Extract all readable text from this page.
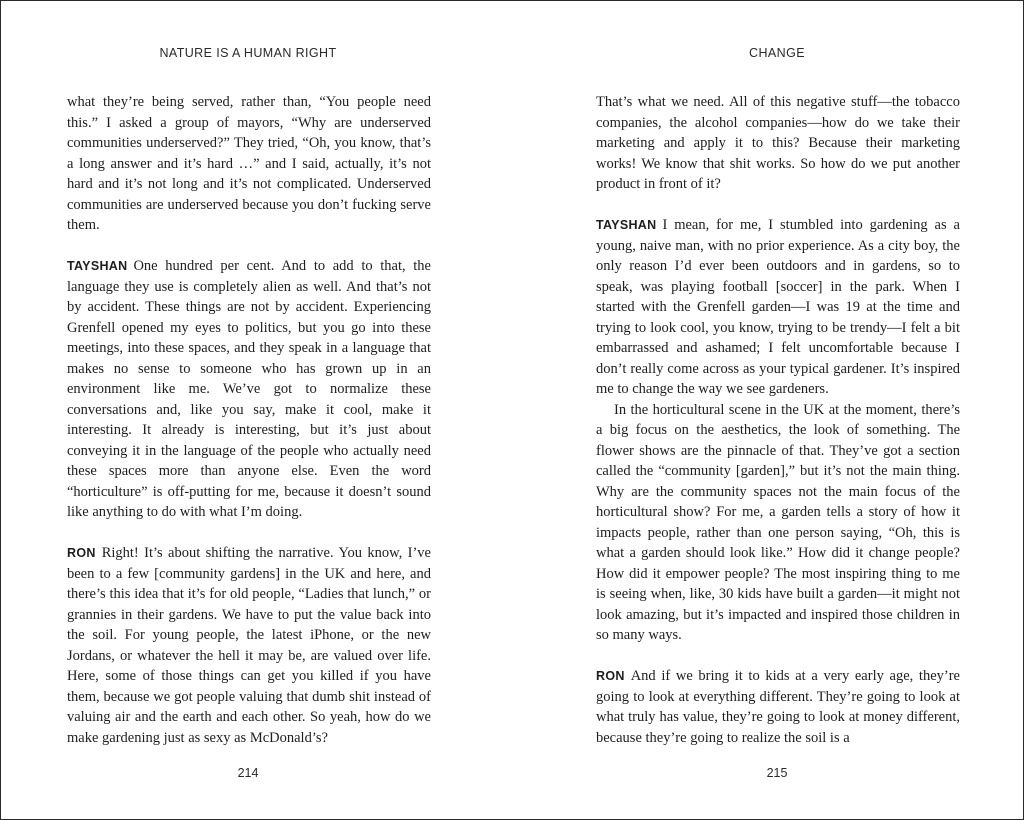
NATURE IS A HUMAN RIGHT

what they’re being served, rather than, “You people need this.” I asked a group of mayors, “Why are underserved communities underserved?” They tried, “Oh, you know, that’s a long answer and it’s hard …” and I said, actually, it’s not hard and it’s not long and it’s not complicated. Underserved communities are underserved because you don’t fucking serve them.

TAYSHAN One hundred per cent. And to add to that, the language they use is completely alien as well. And that’s not by accident. These things are not by accident. Experiencing Grenfell opened my eyes to politics, but you go into these meetings, into these spaces, and they speak in a language that makes no sense to someone who has grown up in an environment like me. We’ve got to normalize these conversations and, like you say, make it cool, make it interesting. It already is interesting, but it’s just about conveying it in the language of the people who actually need these spaces more than anyone else. Even the word “horticulture” is off-putting for me, because it doesn’t sound like anything to do with what I’m doing.

RON Right! It’s about shifting the narrative. You know, I’ve been to a few [community gardens] in the UK and here, and there’s this idea that it’s for old people, “Ladies that lunch,” or grannies in their gardens. We have to put the value back into the soil. For young people, the latest iPhone, or the new Jordans, or whatever the hell it may be, are valued over life. Here, some of those things can get you killed if you have them, because we got people valuing that dumb shit instead of valuing air and the earth and each other. So yeah, how do we make gardening just as sexy as McDonald’s?

214
CHANGE

That’s what we need. All of this negative stuff—the tobacco companies, the alcohol companies—how do we take their marketing and apply it to this? Because their marketing works! We know that shit works. So how do we put another product in front of it?

TAYSHAN I mean, for me, I stumbled into gardening as a young, naive man, with no prior experience. As a city boy, the only reason I’d ever been outdoors and in gardens, so to speak, was playing football [soccer] in the park. When I started with the Grenfell garden—I was 19 at the time and trying to look cool, you know, trying to be trendy—I felt a bit embarrassed and ashamed; I felt uncomfortable because I don’t really come across as your typical gardener. It’s inspired me to change the way we see gardeners.

In the horticultural scene in the UK at the moment, there’s a big focus on the aesthetics, the look of something. The flower shows are the pinnacle of that. They’ve got a section called the “community [garden],” but it’s not the main thing. Why are the community spaces not the main focus of the horticultural show? For me, a garden tells a story of how it impacts people, rather than one person saying, “Oh, this is what a garden should look like.” How did it change people? How did it empower people? The most inspiring thing to me is seeing when, like, 30 kids have built a garden—it might not look amazing, but it’s impacted and inspired those children in so many ways.

RON And if we bring it to kids at a very early age, they’re going to look at everything different. They’re going to look at what truly has value, they’re going to look at money different, because they’re going to realize the soil is a

215
